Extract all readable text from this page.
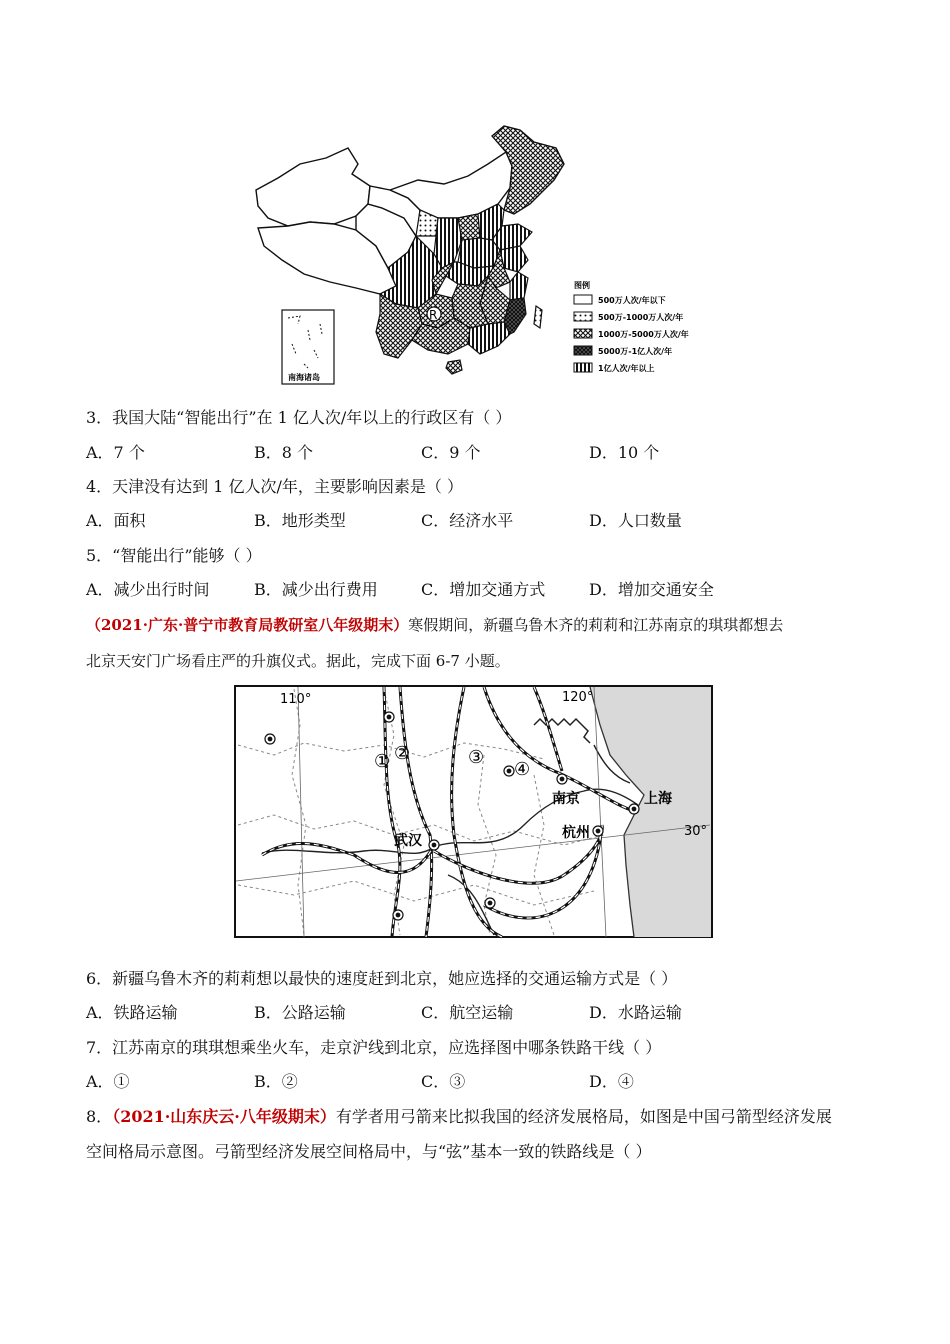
R
南海诸岛
图例
500万人次/年以下
500万-1000万人次/年
1000万-5000万人次/年
5000万-1亿人次/年
1亿人次/年以上
3．我国大陆“智能出行”在 1 亿人次/年以上的行政区有（ ）
A．7 个	B．8 个	C．9 个	D．10 个
4．天津没有达到 1 亿人次/年，主要影响因素是（ ）
A．面积	B．地形类型	C．经济水平	D．人口数量
5．“智能出行”能够（ ）
A．减少出行时间	B．减少出行费用	C．增加交通方式	D．增加交通安全
（2021·广东·普宁市教育局教研室八年级期末）寒假期间，新疆乌鲁木齐的莉莉和江苏南京的琪琪都想去
北京天安门广场看庄严的升旗仪式。据此，完成下面 6-7 小题。
110°	120°
30°
① ②	③
④
南京	上海
杭州
武汉
6．新疆乌鲁木齐的莉莉想以最快的速度赶到北京，她应选择的交通运输方式是（ ）
A．铁路运输	B．公路运输	C．航空运输	D．水路运输
7．江苏南京的琪琪想乘坐火车，走京沪线到北京，应选择图中哪条铁路干线（ ）
A．①	B．②	C．③	D．④
8．（2021·山东庆云·八年级期末）有学者用弓箭来比拟我国的经济发展格局，如图是中国弓箭型经济发展
空间格局示意图。弓箭型经济发展空间格局中，与“弦”基本一致的铁路线是（ ）
